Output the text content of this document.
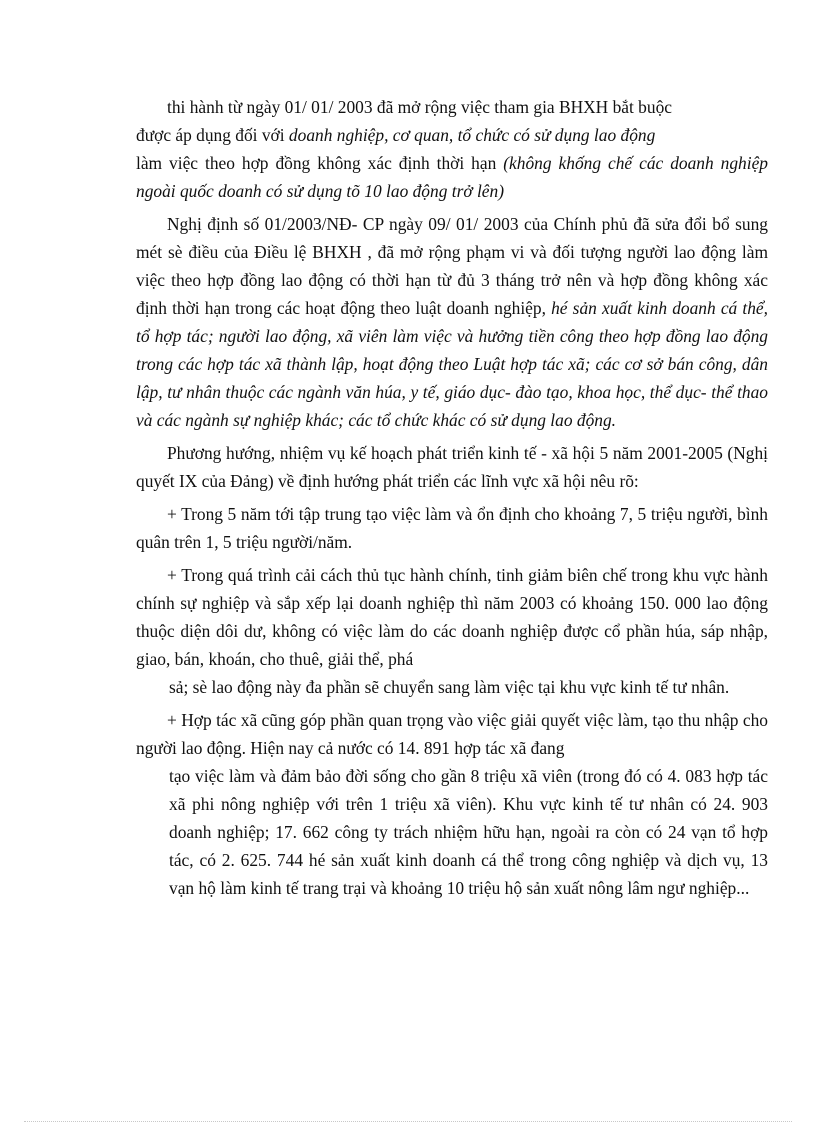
thi hành từ ngày 01/ 01/ 2003 đã mở rộng việc tham gia BHXH bắt buộc
được áp dụng đối với doanh nghiệp, cơ quan, tổ chức có sử dụng lao động
làm việc theo hợp đồng không xác định thời hạn (không khống chế các doanh nghiệp ngoài quốc doanh có sử dụng tõ 10 lao động trở lên)

Nghị định số 01/2003/NĐ- CP ngày 09/ 01/ 2003 của Chính phủ đã sửa đổi bổ sung mét sè điều của Điều lệ BHXH , đã mở rộng phạm vi và đối tượng người lao động làm việc theo hợp đồng lao động có thời hạn từ đủ 3 tháng trở nên và hợp đồng không xác định thời hạn trong các hoạt động theo luật doanh nghiệp, hé sản xuất kinh doanh cá thể, tổ hợp tác; người lao động, xã viên làm việc và hưởng tiền công theo hợp đồng lao động trong các hợp tác xã thành lập, hoạt động theo Luật hợp tác xã; các cơ sở bán công, dân lập, tư nhân thuộc các ngành văn húa, y tế, giáo dục- đào tạo, khoa học, thể dục- thể thao và các ngành sự nghiệp khác; các tổ chức khác có sử dụng lao động.

Phương hướng, nhiệm vụ kế hoạch phát triển kinh tế - xã hội 5 năm 2001-2005 (Nghị quyết IX của Đảng) về định hướng phát triển các lĩnh vực xã hội nêu rõ:

+ Trong 5 năm tới tập trung tạo việc làm và ổn định cho khoảng 7, 5 triệu người, bình quân trên 1, 5 triệu người/năm.

+ Trong quá trình cải cách thủ tục hành chính, tinh giảm biên chế trong khu vực hành chính sự nghiệp và sắp xếp lại doanh nghiệp thì năm 2003 có khoảng 150. 000 lao động thuộc diện dôi dư, không có việc làm do các doanh nghiệp được cổ phần húa, sáp nhập, giao, bán, khoán, cho thuê, giải thể, phá

sả; sè lao động này đa phần sẽ chuyển sang làm việc tại khu vực kinh tế tư nhân.

+ Hợp tác xã cũng góp phần quan trọng vào việc giải quyết việc làm, tạo thu nhập cho người lao động. Hiện nay cả nước có 14. 891 hợp tác xã đang

tạo việc làm và đảm bảo đời sống cho gần 8 triệu xã viên (trong đó có 4. 083 hợp tác xã phi nông nghiệp với trên 1 triệu xã viên). Khu vực kinh tế tư nhân có 24. 903 doanh nghiệp; 17. 662 công ty trách nhiệm hữu hạn, ngoài ra còn có 24 vạn tổ hợp tác, có 2. 625. 744 hé sản xuất kinh doanh cá thể trong công nghiệp và dịch vụ, 13 vạn hộ làm kinh tế trang trại và khoảng 10 triệu hộ sản xuất nông lâm ngư nghiệp...
